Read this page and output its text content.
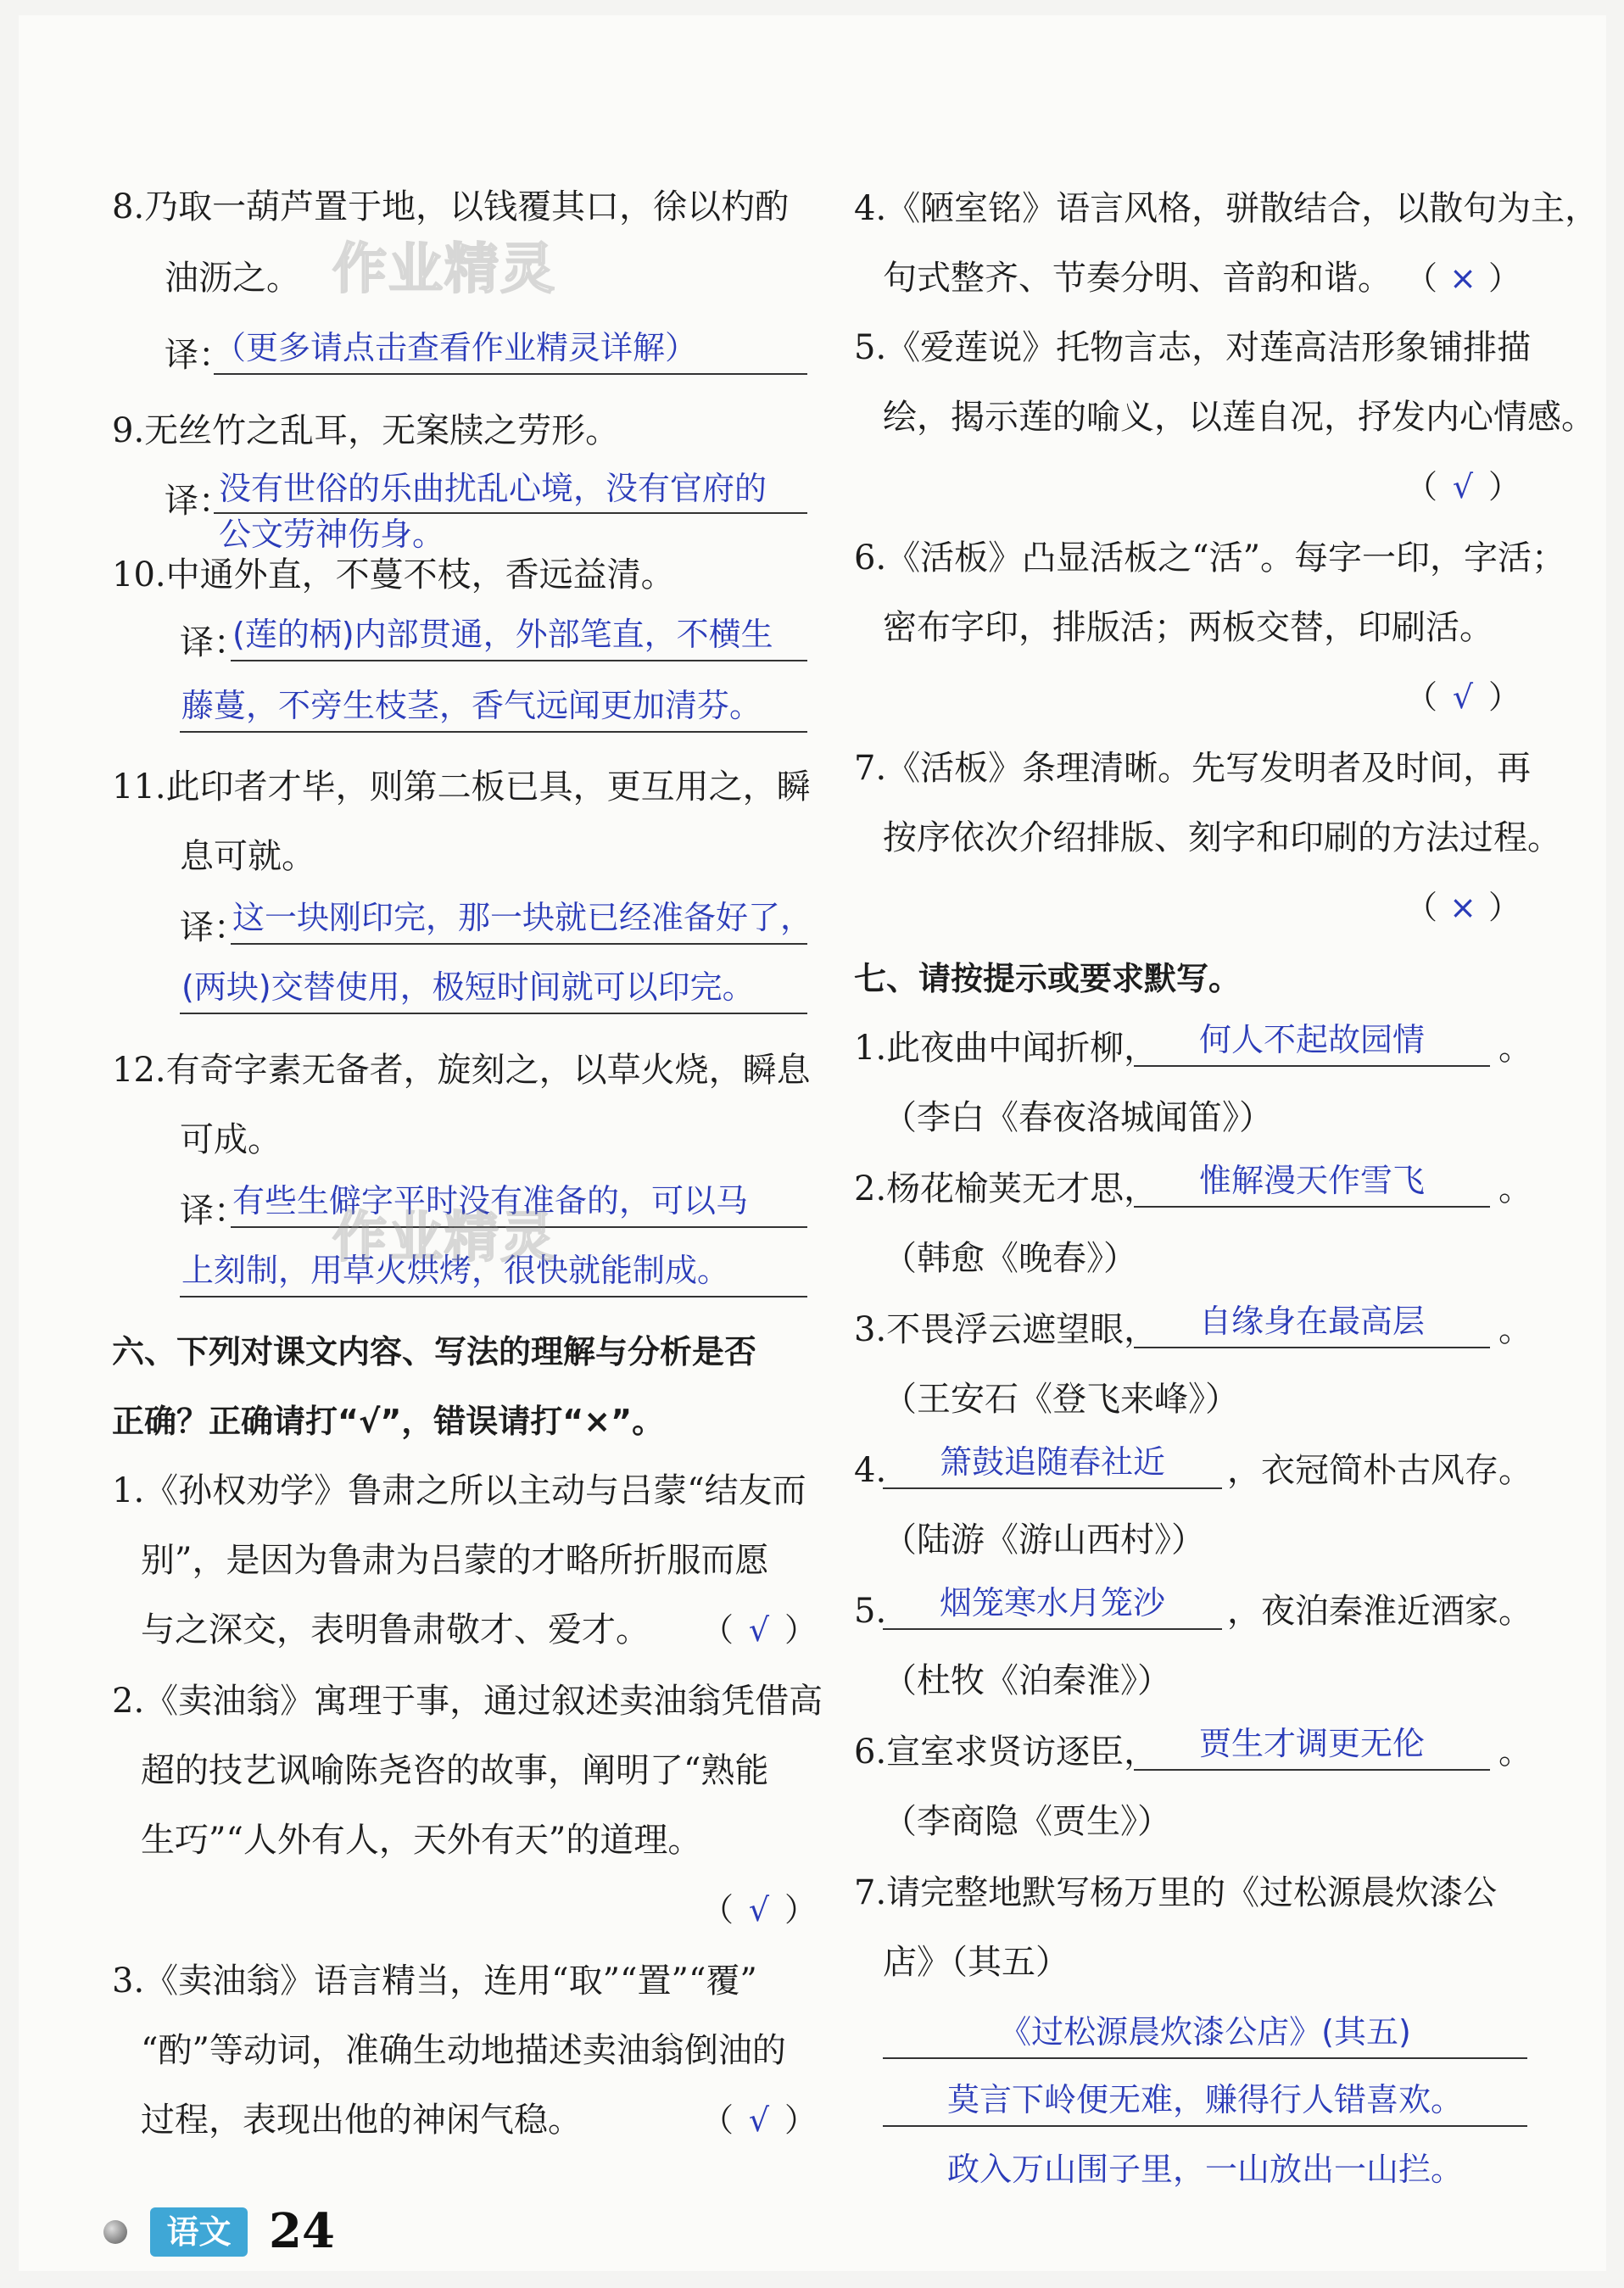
8.乃取一葫芦置于地，以钱覆其口，徐以杓酌
油沥之。
译：
（更多请点击查看作业精灵详解）
9.无丝竹之乱耳，无案牍之劳形。
译：
没有世俗的乐曲扰乱心境，没有官府的
公文劳神伤身。
10.中通外直，不蔓不枝，香远益清。
译：
(莲的柄)内部贯通，外部笔直，不横生
藤蔓，不旁生枝茎，香气远闻更加清芬。
11.此印者才毕，则第二板已具，更互用之，瞬
息可就。
译：
这一块刚印完，那一块就已经准备好了，
(两块)交替使用，极短时间就可以印完。
12.有奇字素无备者，旋刻之，以草火烧，瞬息
可成。
译：
有些生僻字平时没有准备的，可以马
上刻制，用草火烘烤，很快就能制成。
六、下列对课文内容、写法的理解与分析是否
正确？正确请打“√”，错误请打“×”。
1.《孙权劝学》鲁肃之所以主动与吕蒙“结友而
别”，是因为鲁肃为吕蒙的才略所折服而愿
与之深交，表明鲁肃敬才、爱才。 （ √ ）
2.《卖油翁》寓理于事，通过叙述卖油翁凭借高
超的技艺讽喻陈尧咨的故事，阐明了“熟能
生巧”“人外有人，天外有天”的道理。
（ √ ）
3.《卖油翁》语言精当，连用“取”“置”“覆”
“酌”等动词，准确生动地描述卖油翁倒油的
过程，表现出他的神闲气稳。	（ √ ）
4.《陋室铭》语言风格，骈散结合，以散句为主，
句式整齐、节奏分明、音韵和谐。 （ × ）
5.《爱莲说》托物言志，对莲高洁形象铺排描
绘，揭示莲的喻义，以莲自况，抒发内心情感。
（ √ ）
6.《活板》凸显活板之“活”。每字一印，字活；
密布字印，排版活；两板交替，印刷活。
（ √ ）
7.《活板》条理清晰。先写发明者及时间，再
按序依次介绍排版、刻字和印刷的方法过程。
（ × ）
七、请按提示或要求默写。
1.此夜曲中闻折柳，	何人不起故园情	。
（李白《春夜洛城闻笛》）
2.杨花榆荚无才思，	惟解漫天作雪飞	。
（韩愈《晚春》）
3.不畏浮云遮望眼，	自缘身在最高层	。
（王安石《登飞来峰》）
4.	箫鼓追随春社近	，衣冠简朴古风存。
（陆游《游山西村》）
5.	烟笼寒水月笼沙	，夜泊秦淮近酒家。
（杜牧《泊秦淮》）
6.宣室求贤访逐臣，	贾生才调更无伦	。
（李商隐《贾生》）
7.请完整地默写杨万里的《过松源晨炊漆公
店》（其五）
《过松源晨炊漆公店》(其五)
莫言下岭便无难，赚得行人错喜欢。
政入万山围子里，一山放出一山拦。
作业精灵
作业精灵
语文 24
